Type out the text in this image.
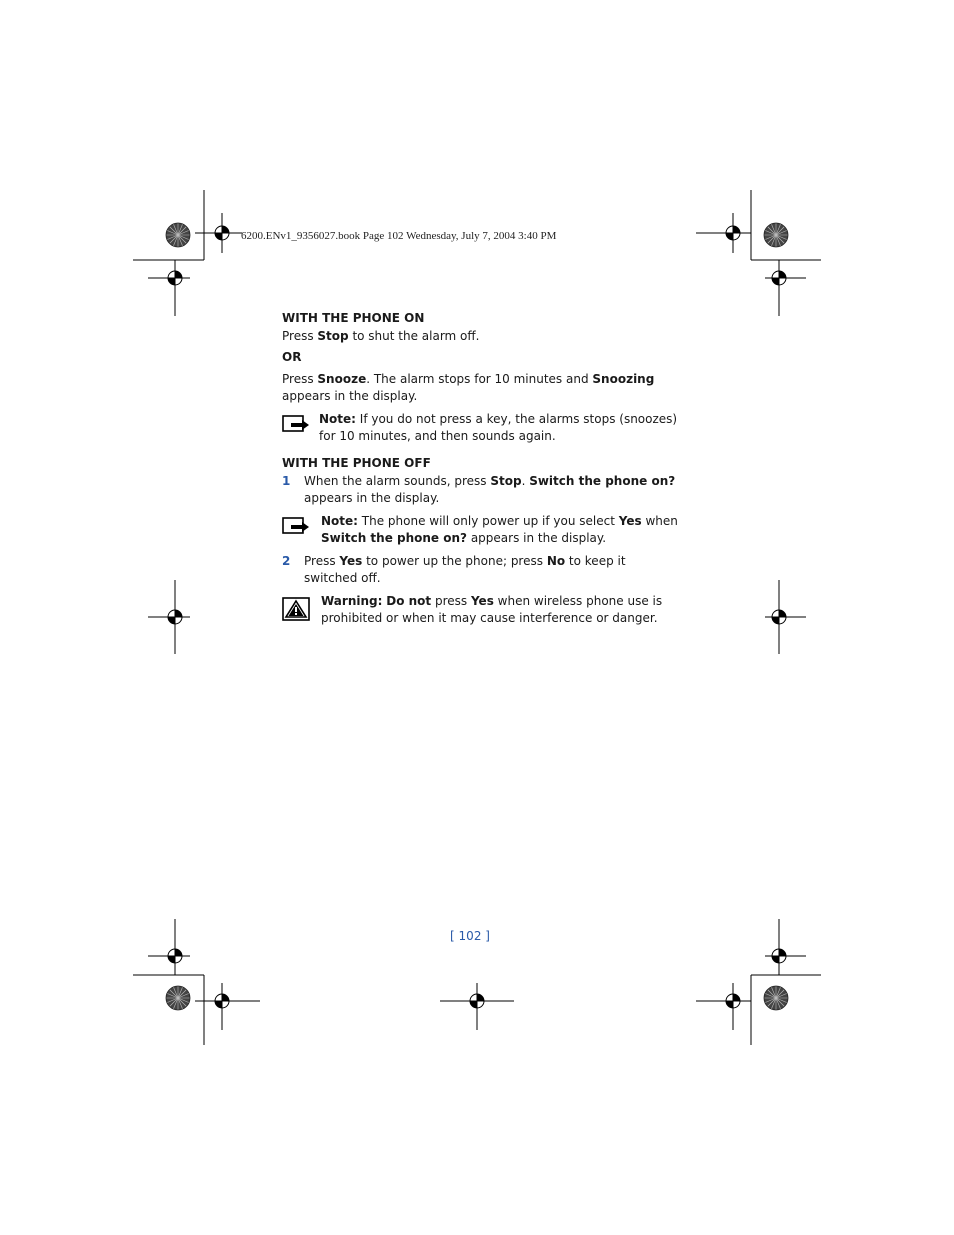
6200.ENv1_9356027.book Page 102 Wednesday, July 7, 2004 3:40 PM
WITH THE PHONE ON

Press Stop to shut the alarm off.

OR

Press Snooze. The alarm stops for 10 minutes and Snoozing appears in the display.

Note: If you do not press a key, the alarms stops (snoozes) for 10 minutes, and then sounds again.

WITH THE PHONE OFF
1 When the alarm sounds, press Stop. Switch the phone on? appears in the display.

Note: The phone will only power up if you select Yes when Switch the phone on? appears in the display.

2 Press Yes to power up the phone; press No to keep it switched off.

Warning: Do not press Yes when wireless phone use is prohibited or when it may cause interference or danger.

[ 102 ]
